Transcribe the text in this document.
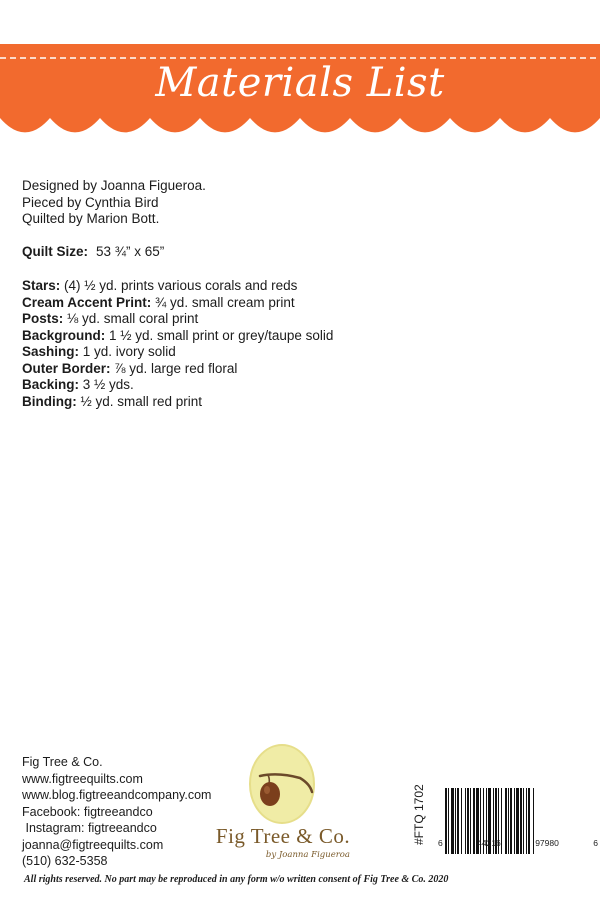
Materials List
Designed by Joanna Figueroa.
Pieced by Cynthia Bird
Quilted by Marion Bott.
Quilt Size: 53 ¾” x 65”
Stars: (4) ½ yd. prints various corals and reds
Cream Accent Print: ¾ yd. small cream print
Posts: ⅛ yd. small coral print
Background: 1 ½ yd. small print or grey/taupe solid
Sashing: 1 yd. ivory solid
Outer Border: ⅞ yd. large red floral
Backing: 3 ½ yds.
Binding: ½ yd. small red print
Fig Tree & Co.
www.figtreequilts.com
www.blog.figtreeandcompany.com
Facebook: figtreeandco
Instagram: figtreeandco
joanna@figtreequilts.com
(510) 632-5358
Fig Tree & Co.
by Joanna Figueroa
#FTQ 1702	6	44216	97980	6
All rights reserved. No part may be reproduced in any form w/o written consent of Fig Tree & Co. 2020
